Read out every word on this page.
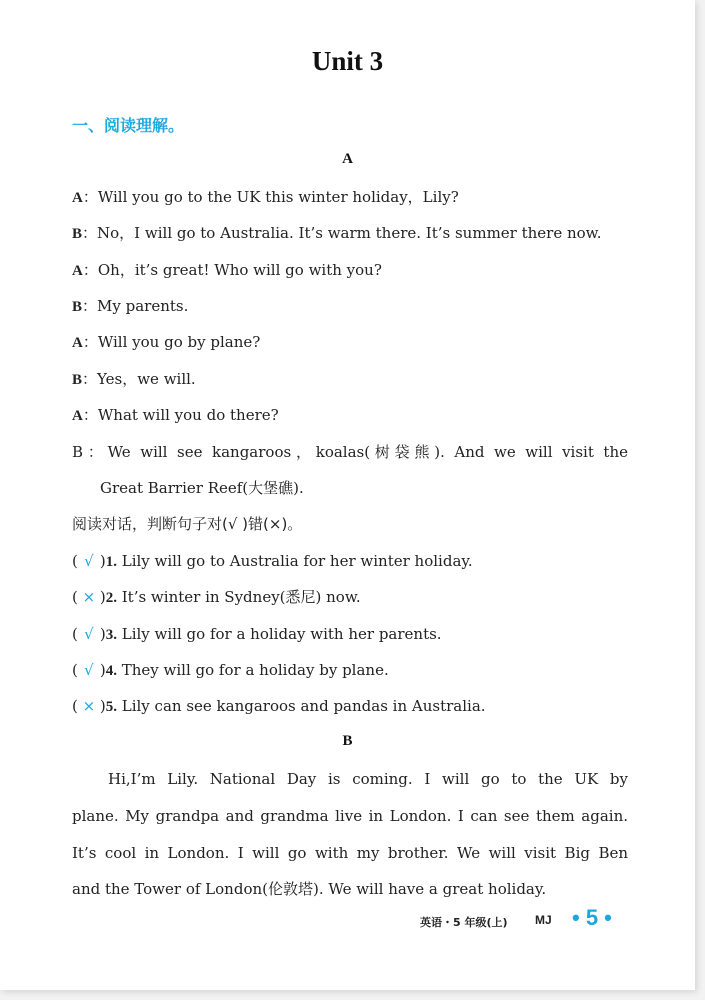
Unit 3
一、阅读理解。
A
A：Will you go to the UK this winter holiday，Lily?
B：No，I will go to Australia. It’s warm there. It’s summer there now.
A：Oh，it’s great! Who will go with you?
B：My parents.
A：Will you go by plane?
B：Yes，we will.
A：What will you do there?
B：We will see kangaroos，koalas(树袋熊). And we will visit the
Great Barrier Reef(大堡礁).
阅读对话，判断句子对(√ )错(×)。
( √ )1. Lily will go to Australia for her winter holiday.
( × )2. It’s winter in Sydney(悉尼) now.
( √ )3. Lily will go for a holiday with her parents.
( √ )4. They will go for a holiday by plane.
( × )5. Lily can see kangaroos and pandas in Australia.
B
Hi,I’m Lily. National Day is coming. I will go to the UK by
plane. My grandpa and grandma live in London. I can see them again.
It’s cool in London. I will go with my brother. We will visit Big Ben
and the Tower of London(伦敦塔). We will have a great holiday.
英语・5 年级(上) MJ • 5 •
